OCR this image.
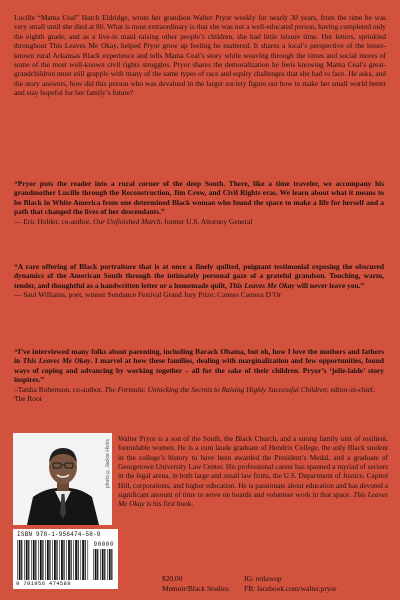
Lucille “Mama Ceal” Hatch Eldridge, wrote her grandson Walter Pryor weekly for nearly 30 years, from the time he was very small until she died at 80. What is most extraordinary is that she was not a well-educated person, having completed only the eighth grade, and as a live-in maid raising other people’s children, she had little leisure time. Her letters, sprinkled throughout This Leaves Me Okay, helped Pryor grow up feeling he mattered. It shares a local’s perspective of the lesser-known rural Arkansas Black experience and tells Mama Ceal’s story while weaving through the times and social mores of some of the most well-known civil rights struggles. Pryor shares the demoralization he feels knowing Mama Ceal’s great-grandchildren must still grapple with many of the same types of race and equity challenges that she had to face. He asks, and the story answers, how did this person who was devalued in the larger society figure out how to make her small world better and stay hopeful for her family’s future?

“Pryor puts the reader into a rural corner of the deep South. There, like a time traveler, we accompany his grandmother Lucille through the Reconstruction, Jim Crow, and Civil Rights eras. We learn about what it means to be Black in White America from one determined Black woman who found the space to make a life for herself and a path that changed the lives of her descendants.”
— Eric Holder, co-author, Our Unfinished March, former U.S. Attorney General

“A rare offering of Black portraiture that is at once a finely quilted, poignant testimonial exposing the obscured dynamics of the American South through the intimately personal gaze of a grateful grandson. Touching, warm, tender, and thoughtful as a handwritten letter or a homemade quilt, This Leaves Me Okay will never leave you.”
— Saul Williams, poet, winner Sundance Festival Grand Jury Prize; Cannes Camera D’Or

“I’ve interviewed many folks about parenting, including Barack Obama, but oh, how I love the mothers and fathers in This Leaves Me Okay. I marvel at how these families, dealing with marginalization and few opportunities, found ways of coping and advancing by working together – all for the sake of their children. Pryor’s ‘jolie-laide’ story inspires.”
–Tatsha Robertson, co-author, The Formula: Unlocking the Secrets to Raising Highly Successful Children; editor-in-chief, The Root

photo ©Jackie Hicks

Walter Pryor is a son of the South, the Black Church, and a strong family unit of resilient, formidable women. He is a cum laude graduate of Hendrix College, the only Black student in the college’s history to have been awarded the President’s Medal, and a graduate of Georgetown University Law Center. His professional career has spanned a myriad of sectors in the legal arena, in both large and small law firms, the U.S. Department of Justice, Capitol Hill, corporations, and higher education. He is passionate about education and has devoted a significant amount of time to serve on boards and volunteer work in that space. This Leaves Me Okay is his first book.

ISBN 978-1-956474-58-9
90000
9 781956 474589
$20.00
Memoir/Black Studies
IG: retlawop
FB: facebook.com/walter.pryor
